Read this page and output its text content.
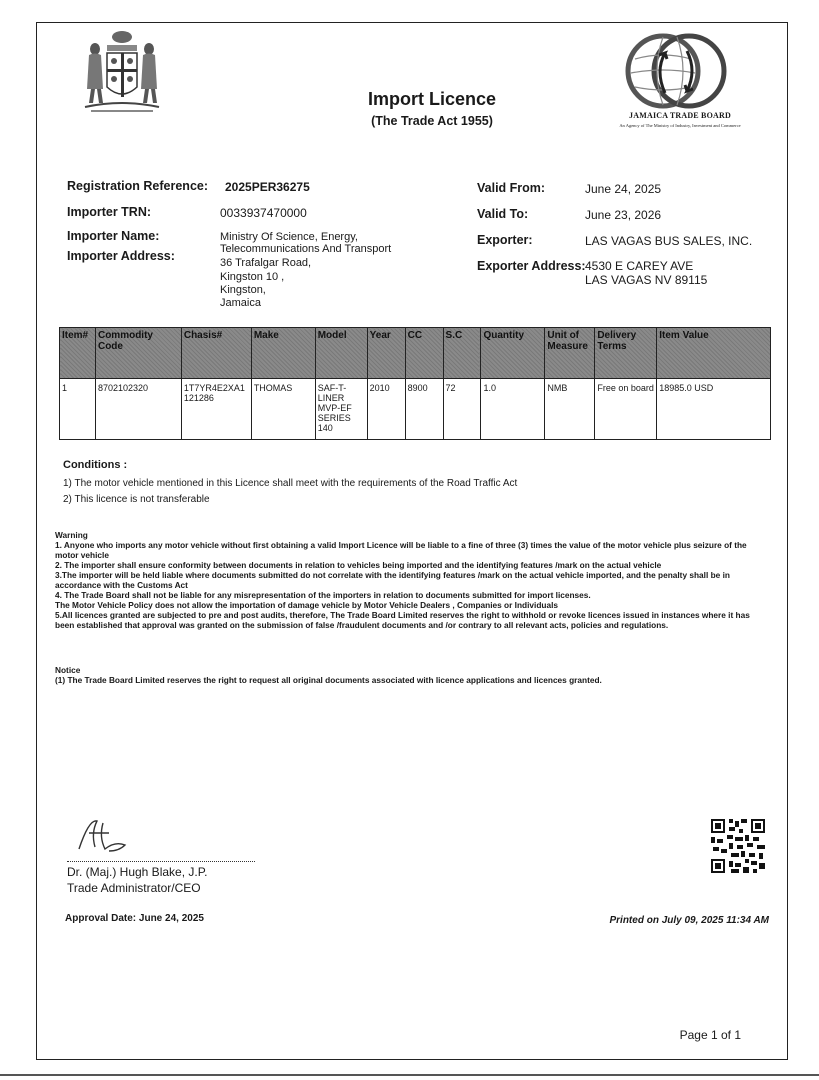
Import Licence
(The Trade Act 1955)	JAMAICA TRADE BOARD
An Agency of The Ministry of Industry, Investment and Commerce
Registration Reference: 2025PER36275
Importer TRN:	0033937470000
Importer Name:	Ministry Of Science, Energy,
Telecommunications And Transport
Importer Address:	36 Trafalgar Road,
Kingston 10 ,
Kingston,
Jamaica
Valid From:	June 24, 2025
Valid To:	June 23, 2026
Exporter:	LAS VAGAS BUS SALES, INC.
Exporter Address: 4530 E CAREY AVE
LAS VAGAS NV 89115
Item#	Commodity Code	Chasis#	Make	Model	Year	CC	S.C	Quantity	Unit of Measure	Delivery Terms	Item Value
1	8702102320	1T7YR4E2XA1 121286	THOMAS	SAF-T-LINER MVP-EF SERIES 140	2010	8900	72	1.0	NMB	Free on board	18985.0 USD
Conditions :
1) The motor vehicle mentioned in this Licence shall meet with the requirements of the Road Traffic Act
2) This licence is not transferable
Warning
1. Anyone who imports any motor vehicle without first obtaining a valid Import Licence will be liable to a fine of three (3) times the value of the motor vehicle plus seizure of the motor vehicle
2. The importer shall ensure conformity between documents in relation to vehicles being imported and the identifying features /mark on the actual vehicle
3.The importer will be held liable where documents submitted do not correlate with the identifying features /mark on the actual vehicle imported, and the penalty shall be in accordance with the Customs Act
4. The Trade Board shall not be liable for any misrepresentation of the importers in relation to documents submitted for import licenses.
The Motor Vehicle Policy does not allow the importation of damage vehicle by Motor Vehicle Dealers , Companies or Individuals
5.All licences granted are subjected to pre and post audits, therefore, The Trade Board Limited reserves the right to withhold or revoke licences issued in instances where it has been established that approval was granted on the submission of false /fraudulent documents and /or contrary to all relevant acts, policies and regulations.
Notice
(1) The Trade Board Limited reserves the right to request all original documents associated with licence applications and licences granted.
Dr. (Maj.) Hugh Blake, J.P.
Trade Administrator/CEO
Approval Date: June 24, 2025	Printed on July 09, 2025 11:34 AM
Page 1 of 1
